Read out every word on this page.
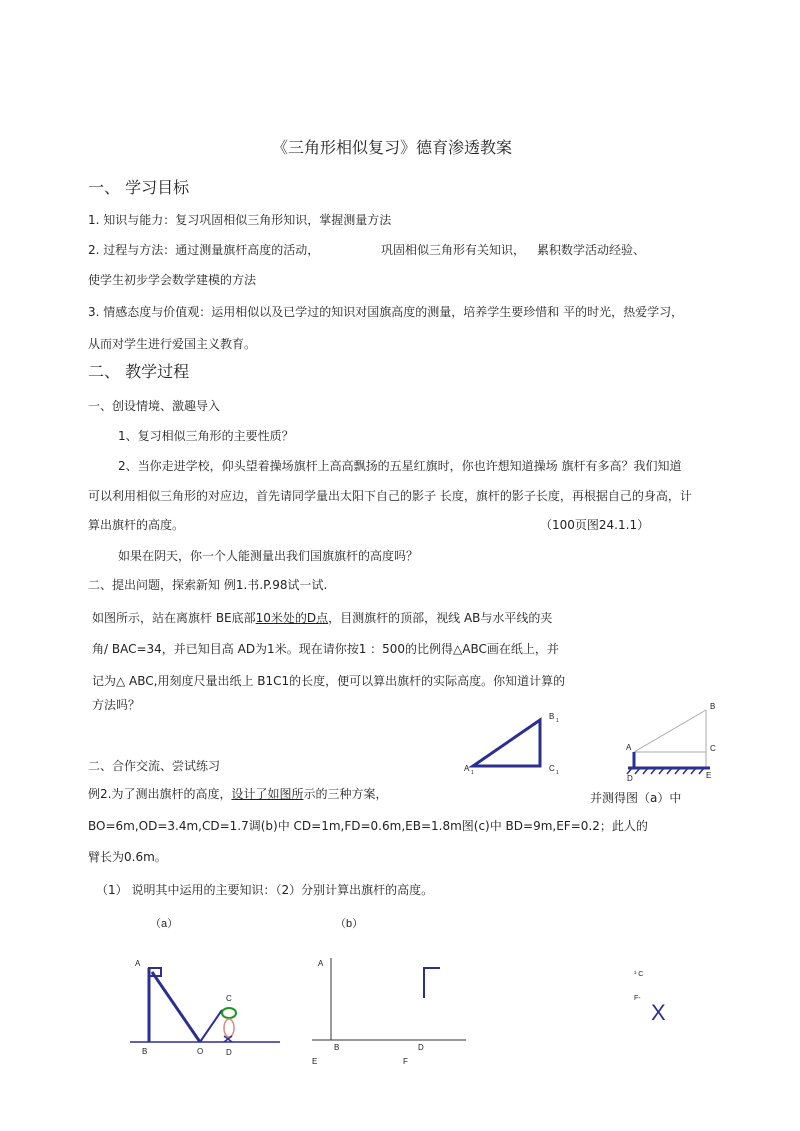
《三角形相似复习》德育渗透教案
一、 学习目标
1. 知识与能力：复习巩固相似三角形知识，掌握测量方法
2. 过程与方法：通过测量旗杆高度的活动，	巩固相似三角形有关知识， 累积数学活动经验、
使学生初步学会数学建模的方法
3. 情感态度与价值观：运用相似以及已学过的知识对国旗高度的测量，培养学生要珍惜和 平的时光，热爱学习，
从而对学生进行爱国主义教育。
二、 教学过程
一、创设情境、激趣导入
1、复习相似三角形的主要性质？
2、当你走进学校，仰头望着操场旗杆上高高飘扬的五星红旗时，你也许想知道操场 旗杆有多高？我们知道
可以利用相似三角形的对应边，首先请同学量出太阳下自己的影子 长度，旗杆的影子长度，再根据自己的身高，计
算出旗杆的高度。	（100页图24.1.1）
如果在阴天，你一个人能测量出我们国旗旗杆的高度吗？
二、提出问题，探索新知 例1.书.P.98试一试.
如图所示，站在离旗杆 BE底部10米处的D点，目测旗杆的顶部，视线 AB与水平线的夹
角/ BAC=34，并已知目高 AD为1米。现在请你按1 ：500的比例得△ABC画在纸上，并
记为△ ABC,用刻度尺量出纸上 B1C1的长度，便可以算出旗杆的实际高度。你知道计算的
方法吗？
二、合作交流、尝试练习
例2.为了测出旗杆的高度，设计了如图所示的三种方案，	并测得图（a）中
BO=6m,OD=3.4m,CD=1.7调(b)中 CD=1m,FD=0.6m,EB=1.8m图(c)中 BD=9m,EF=0.2；此人的
臂长为0.6m。
（1） 说明其中运用的主要知识：（2）分别计算出旗杆的高度。
B 1
A 1	C 1
B
A	C
D	E
（a）
A
B	O
C
D
（b）
A
B	D
E	F
¹ C
F-
X
